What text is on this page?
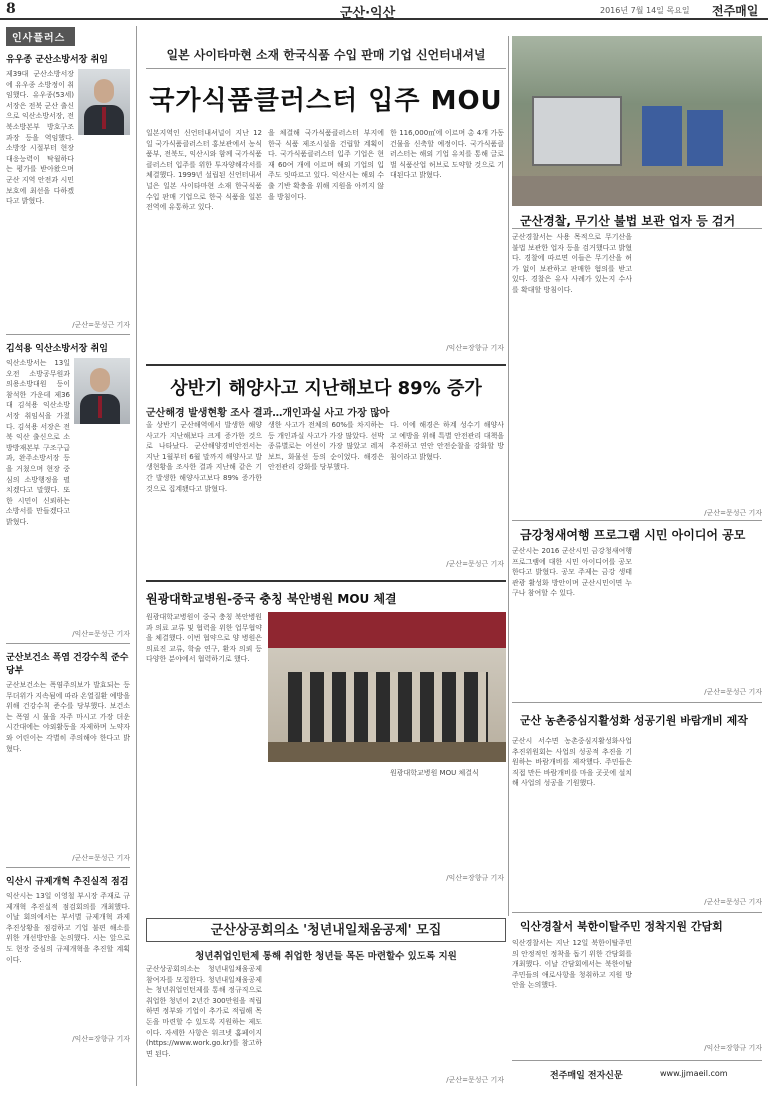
8	군산·익산	2016년 7월 14일 목요일 전주매일
인사플러스
유우종 군산소방서장 취임
제39대 군산소방서장에 유우종 소방정이 취임했다. 유우종(53세) 서장은 전북 군산 출신으로 익산소방서장, 전북소방본부 방호구조과장 등을 역임했다. 소방장 시절부터 현장 대응능력이 탁월하다는 평가를 받아왔으며 군산 지역 안전과 시민 보호에 최선을 다하겠다고 밝혔다.
/군산=문성근 기자
김석용 익산소방서장 취임
익산소방서는 13일 오전 소방공무원과 의용소방대원 등이 참석한 가운데 제36대 김석용 익산소방서장 취임식을 가졌다. 김석용 서장은 전북 익산 출신으로 소방방재본부 구조구급과, 완주소방서장 등을 거쳤으며 현장 중심의 소방행정을 펼치겠다고 말했다. 또한 시민이 신뢰하는 소방서를 만들겠다고 밝혔다.
/익산=문성근 기자
군산보건소 폭염 건강수칙 준수 당부
군산보건소는 폭염주의보가 발효되는 등 무더위가 지속됨에 따라 온열질환 예방을 위해 건강수칙 준수를 당부했다. 보건소는 폭염 시 물을 자주 마시고 가장 더운 시간대에는 야외활동을 자제하며 노약자와 어린이는 각별히 주의해야 한다고 밝혔다.
/군산=문성근 기자
익산시 규제개혁 추진실적 점검
익산시는 13일 이영철 부시장 주재로 규제개혁 추진실적 점검회의를 개최했다. 이날 회의에서는 부서별 규제개혁 과제 추진상황을 점검하고 기업 불편 해소를 위한 개선방안을 논의했다. 시는 앞으로도 현장 중심의 규제개혁을 추진할 계획이다.
/익산=장향규 기자
일본 사이타마현 소재 한국식품 수입 판매 기업 신언터내셔널
국가식품클러스터 입주 MOU
일본지역인 신언터내셔널이 지난 12일 국가식품클러스터 홍보관에서 농식품부, 전북도, 익산시와 함께 국가식품클러스터 입주를 위한 투자양해각서를 체결했다. 1999년 설립된 신언터내셔널은 일본 사이타마현 소재 한국식품 수입 판매 기업으로 한국 식품을 일본 전역에 유통하고 있다.
을 체결해 국가식품클러스터 부지에 한국 식품 제조시설을 건립할 계획이다. 국가식품클러스터 입주 기업은 현재 60여 개에 이르며 해외 기업의 입주도 잇따르고 있다. 익산시는 해외 수출 기반 확충을 위해 지원을 아끼지 않을 방침이다.
한 116,000㎡에 이르며 총 4개 가동 건물을 신축할 예정이다. 국가식품클러스터는 해외 기업 유치를 통해 글로벌 식품산업 허브로 도약할 것으로 기대된다고 밝혔다.
/익산=장향규 기자
군산경찰, 무기산 불법 보관 업자 등 검거
군산경찰서는 사용 목적으로 무기산을 불법 보관한 업자 등을 검거했다고 밝혔다. 경찰에 따르면 이들은 무기산을 허가 없이 보관하고 판매한 혐의를 받고 있다. 경찰은 유사 사례가 있는지 수사를 확대할 방침이다.
/군산=문성근 기자
상반기 해양사고 지난해보다 89% 증가
군산해경 발생현황 조사 결과…개인과실 사고 가장 많아
올 상반기 군산해역에서 발생한 해양사고가 지난해보다 크게 증가한 것으로 나타났다. 군산해양경비안전서는 지난 1월부터 6월 말까지 해양사고 발생현황을 조사한 결과 지난해 같은 기간 발생한 해양사고보다 89% 증가한 것으로 집계됐다고 밝혔다.
생한 사고가 전체의 60%를 차지하는 등 개인과실 사고가 가장 많았다. 선박 종류별로는 어선이 가장 많았고 레저보트, 화물선 등의 순이었다. 해경은 안전관리 강화를 당부했다.
다. 이에 해경은 하계 성수기 해양사고 예방을 위해 특별 안전관리 대책을 추진하고 연안 안전순찰을 강화할 방침이라고 밝혔다.
/군산=문성근 기자
원광대학교병원-중국 충칭 북안병원 MOU 체결
원광대학교병원이 중국 충칭 북안병원과 의료 교류 및 협력을 위한 업무협약을 체결했다. 이번 협약으로 양 병원은 의료진 교류, 학술 연구, 환자 의뢰 등 다양한 분야에서 협력하기로 했다.
원광대학교병원 MOU 체결식
/익산=장향규 기자
금강청새여행 프로그램 시민 아이디어 공모
군산시는 2016 군산시민 금강청새여행 프로그램에 대한 시민 아이디어를 공모한다고 밝혔다. 공모 주제는 금강 생태관광 활성화 방안이며 군산시민이면 누구나 참여할 수 있다.
/군산=문성근 기자
군산 농촌중심지활성화 성공기원 바람개비 제작
군산시 서수면 농촌중심지활성화사업 추진위원회는 사업의 성공적 추진을 기원하는 바람개비를 제작했다. 주민들은 직접 만든 바람개비를 마을 곳곳에 설치해 사업의 성공을 기원했다.
/군산=문성근 기자
군산상공회의소 '청년내일채움공제' 모집
청년취업인턴제 통해 취업한 청년들 목돈 마련할수 있도록 지원
군산상공회의소는 청년내일채움공제 참여자를 모집한다. 청년내일채움공제는 청년취업인턴제를 통해 정규직으로 취업한 청년이 2년간 300만원을 적립하면 정부와 기업이 추가로 적립해 목돈을 마련할 수 있도록 지원하는 제도이다. 자세한 사항은 워크넷 홈페이지(https://www.work.go.kr)를 참고하면 된다.
/군산=문성근 기자
익산경찰서 북한이탈주민 정착지원 간담회
익산경찰서는 지난 12일 북한이탈주민의 안정적인 정착을 돕기 위한 간담회를 개최했다. 이날 간담회에서는 북한이탈주민들의 애로사항을 청취하고 지원 방안을 논의했다.
/익산=장향규 기자
전주매일 전자신문	www.jjmaeil.com
